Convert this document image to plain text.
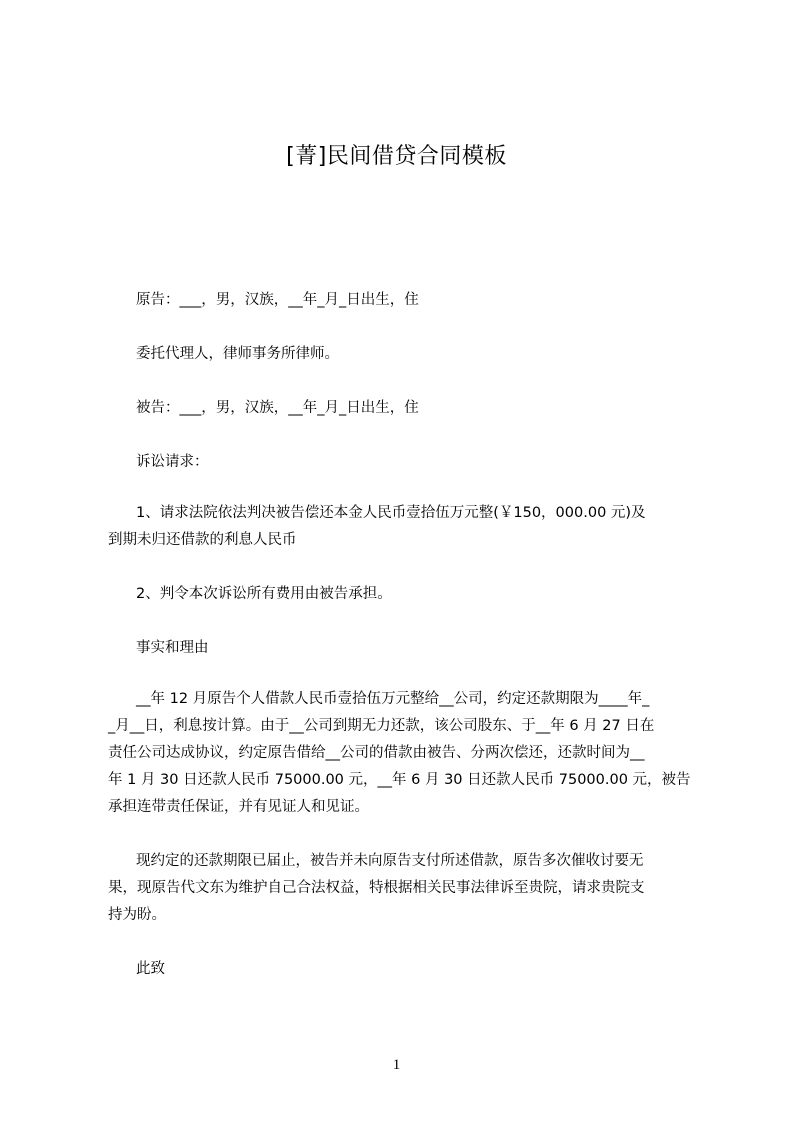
[菁]民间借贷合同模板
原告：___，男，汉族，__年_月_日出生，住
委托代理人，律师事务所律师。
被告：___，男，汉族，__年_月_日出生，住
诉讼请求：
1、请求法院依法判决被告偿还本金人民币壹拾伍万元整(￥150，000.00 元)及
到期未归还借款的利息人民币
2、判令本次诉讼所有费用由被告承担。
事实和理由
__年 12 月原告个人借款人民币壹拾伍万元整给__公司，约定还款期限为____年_
_月__日，利息按计算。由于__公司到期无力还款，该公司股东、于__年 6 月 27 日在
责任公司达成协议，约定原告借给__公司的借款由被告、分两次偿还，还款时间为__
年 1 月 30 日还款人民币 75000.00 元，__年 6 月 30 日还款人民币 75000.00 元，被告
承担连带责任保证，并有见证人和见证。
现约定的还款期限已届止，被告并未向原告支付所述借款，原告多次催收讨要无
果，现原告代文东为维护自己合法权益，特根据相关民事法律诉至贵院，请求贵院支
持为盼。
此致
1
